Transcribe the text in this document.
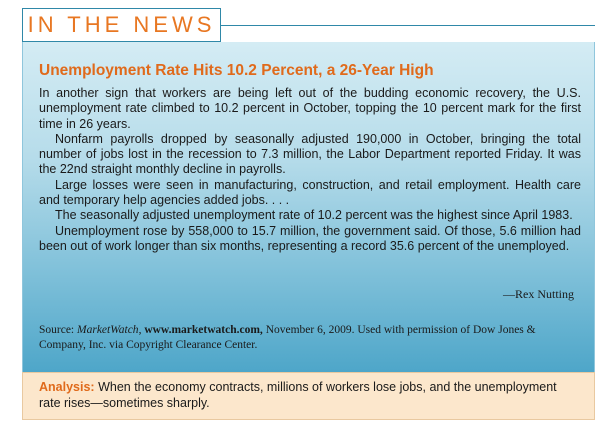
IN THE NEWS
Unemployment Rate Hits 10.2 Percent, a 26-Year High

In another sign that workers are being left out of the budding economic recovery, the U.S. unemployment rate climbed to 10.2 percent in October, topping the 10 percent mark for the first time in 26 years.

Nonfarm payrolls dropped by seasonally adjusted 190,000 in October, bringing the total number of jobs lost in the recession to 7.3 million, the Labor Department reported Friday. It was the 22nd straight monthly decline in payrolls.

Large losses were seen in manufacturing, construction, and retail employment. Health care and temporary help agencies added jobs. . . .

The seasonally adjusted unemployment rate of 10.2 percent was the highest since April 1983.

Unemployment rose by 558,000 to 15.7 million, the government said. Of those, 5.6 million had been out of work longer than six months, representing a record 35.6 percent of the unemployed.

—Rex Nutting
Source: MarketWatch, www.marketwatch.com, November 6, 2009. Used with permission of Dow Jones & Company, Inc. via Copyright Clearance Center.
Analysis: When the economy contracts, millions of workers lose jobs, and the unemployment rate rises—sometimes sharply.
